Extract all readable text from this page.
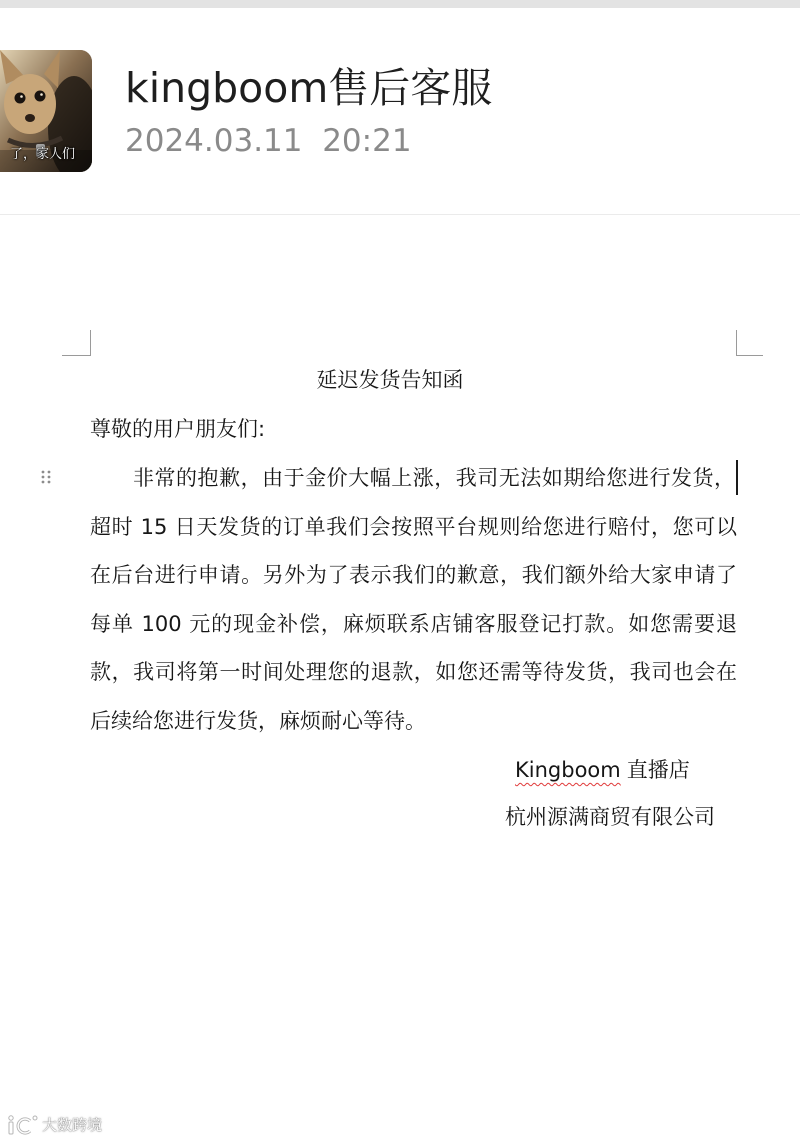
了，家人们
kingboom售后客服
2024.03.11  20:21
延迟发货告知函
尊敬的用户朋友们:
非常的抱歉，由于金价大幅上涨，我司无法如期给您进行发货，
超时 15 日天发货的订单我们会按照平台规则给您进行赔付，您可以
在后台进行申请。另外为了表示我们的歉意，我们额外给大家申请了
每单 100 元的现金补偿，麻烦联系店铺客服登记打款。如您需要退
款，我司将第一时间处理您的退款，如您还需等待发货，我司也会在
后续给您进行发货，麻烦耐心等待。
Kingboom 直播店
杭州源满商贸有限公司
大数跨境
